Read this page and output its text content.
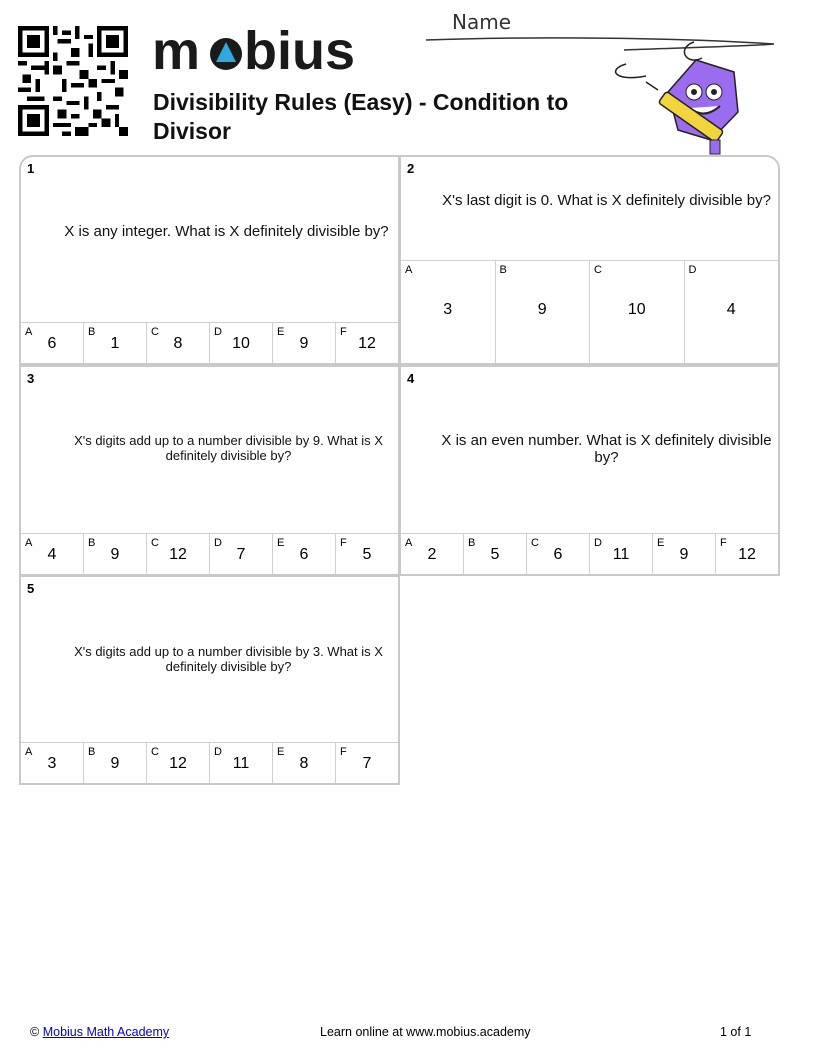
m bius
Divisibility Rules (Easy) - Condition to Divisor
Name
1
X is any integer. What is X definitely divisible by?
A
6
B
1
C
8
D
10
E
9
F
12
2
X's last digit is 0. What is X definitely divisible by?
A
3
B
9
C
10
D
4
3
X's digits add up to a number divisible by 9. What is X definitely divisible by?
A
4
B
9
C
12
D
7
E
6
F
5
4
X is an even number. What is X definitely divisible by?
A
2
B
5
C
6
D
11
E
9
F
12
5
X's digits add up to a number divisible by 3. What is X definitely divisible by?
A
3
B
9
C
12
D
11
E
8
F
7
© Mobius Math Academy	Learn online at www.mobius.academy	1 of 1
